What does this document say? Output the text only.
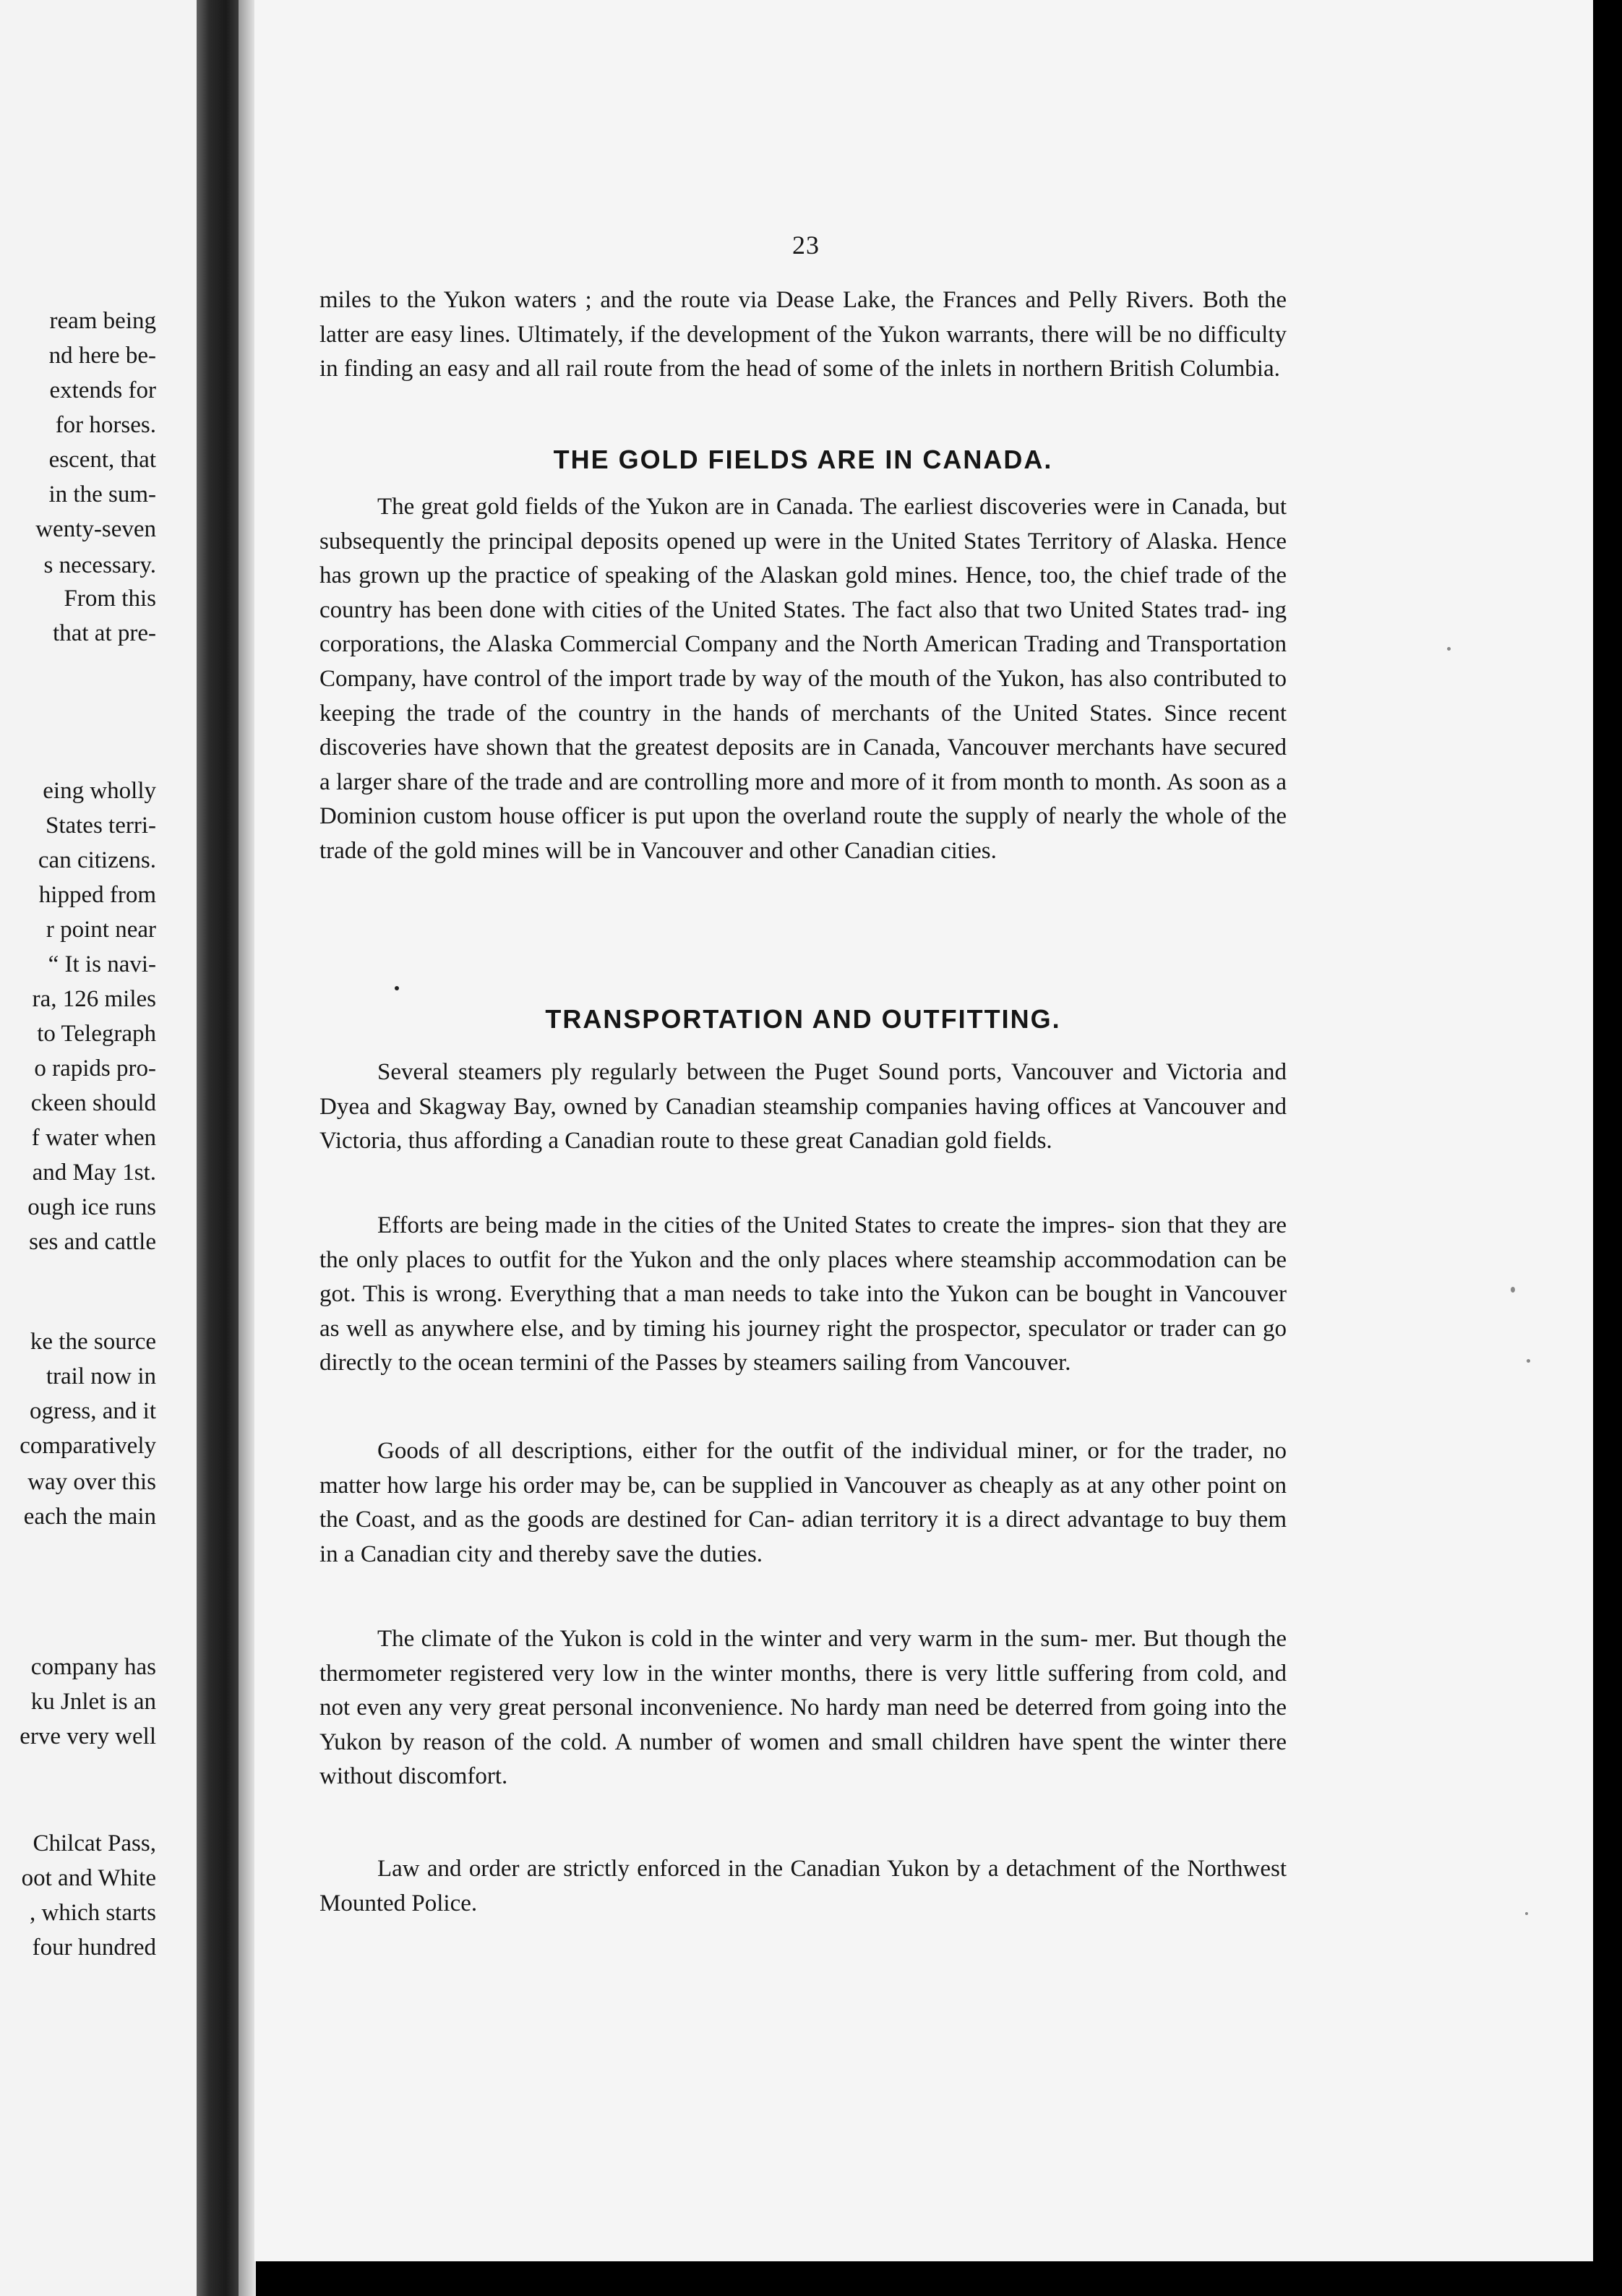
ream being
nd here be-
extends for
for horses.
escent, that
in the sum-
wenty-seven
s necessary.
From this
that at pre-
eing wholly
States terri-
can citizens.
hipped from
r point near
“ It is navi-
ra, 126 miles
to Telegraph
o rapids pro-
ckeen should
f water when
and May 1st.
ough ice runs
ses and cattle
ke the source
trail now in
ogress, and it
comparatively
way over this
each the main
company has
ku Jnlet is an
erve very well
Chilcat Pass,
oot and White
, which starts
four hundred
23

miles to the Yukon waters ; and the route via Dease Lake, the Frances and Pelly Rivers. Both the latter are easy lines. Ultimately, if the development of the Yukon warrants, there will be no difficulty in finding an easy and all rail route from the head of some of the inlets in northern British Columbia.

THE GOLD FIELDS ARE IN CANADA.

The great gold fields of the Yukon are in Canada. The earliest discoveries were in Canada, but subsequently the principal deposits opened up were in the United States Territory of Alaska. Hence has grown up the practice of speaking of the Alaskan gold mines. Hence, too, the chief trade of the country has been done with cities of the United States. The fact also that two United States trad- ing corporations, the Alaska Commercial Company and the North American Trading and Transportation Company, have control of the import trade by way of the mouth of the Yukon, has also contributed to keeping the trade of the country in the hands of merchants of the United States. Since recent discoveries have shown that the greatest deposits are in Canada, Vancouver merchants have secured a larger share of the trade and are controlling more and more of it from month to month. As soon as a Dominion custom house officer is put upon the overland route the supply of nearly the whole of the trade of the gold mines will be in Vancouver and other Canadian cities.

TRANSPORTATION AND OUTFITTING.

Several steamers ply regularly between the Puget Sound ports, Vancouver and Victoria and Dyea and Skagway Bay, owned by Canadian steamship companies having offices at Vancouver and Victoria, thus affording a Canadian route to these great Canadian gold fields.

Efforts are being made in the cities of the United States to create the impres- sion that they are the only places to outfit for the Yukon and the only places where steamship accommodation can be got. This is wrong. Everything that a man needs to take into the Yukon can be bought in Vancouver as well as anywhere else, and by timing his journey right the prospector, speculator or trader can go directly to the ocean termini of the Passes by steamers sailing from Vancouver.

Goods of all descriptions, either for the outfit of the individual miner, or for the trader, no matter how large his order may be, can be supplied in Vancouver as cheaply as at any other point on the Coast, and as the goods are destined for Can- adian territory it is a direct advantage to buy them in a Canadian city and thereby save the duties.

The climate of the Yukon is cold in the winter and very warm in the sum- mer. But though the thermometer registered very low in the winter months, there is very little suffering from cold, and not even any very great personal inconvenience. No hardy man need be deterred from going into the Yukon by reason of the cold. A number of women and small children have spent the winter there without discomfort.

Law and order are strictly enforced in the Canadian Yukon by a detachment of the Northwest Mounted Police.
